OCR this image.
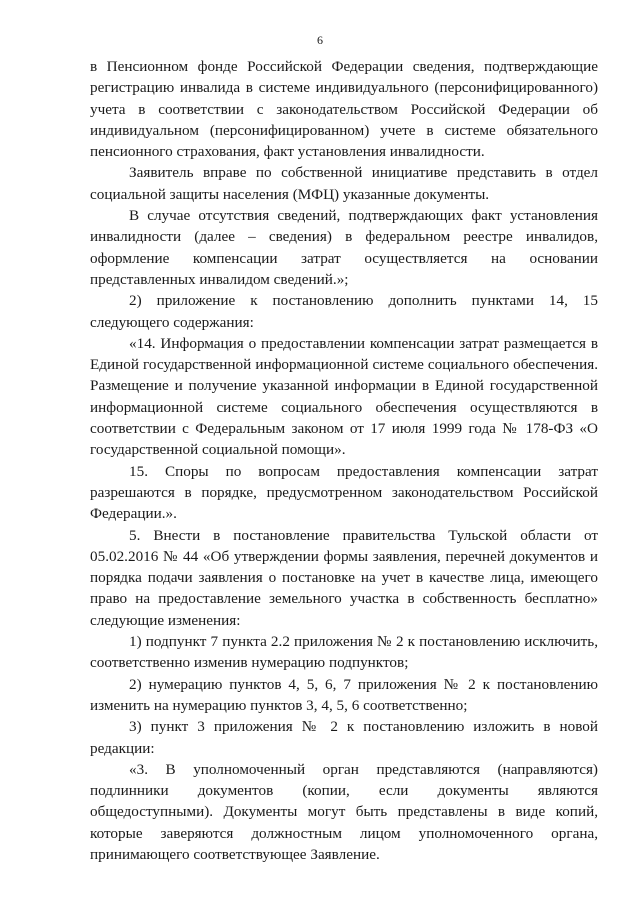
6

в Пенсионном фонде Российской Федерации сведения, подтверждающие регистрацию инвалида в системе индивидуального (персонифицированного) учета в соответствии с законодательством Российской Федерации об индивидуальном (персонифицированном) учете в системе обязательного пенсионного страхования, факт установления инвалидности.

Заявитель вправе по собственной инициативе представить в отдел социальной защиты населения (МФЦ) указанные документы.

В случае отсутствия сведений, подтверждающих факт установления инвалидности (далее – сведения) в федеральном реестре инвалидов, оформление компенсации затрат осуществляется на основании представленных инвалидом сведений.»;

2) приложение к постановлению дополнить пунктами 14, 15 следующего содержания:

«14. Информация о предоставлении компенсации затрат размещается в Единой государственной информационной системе социального обеспечения. Размещение и получение указанной информации в Единой государственной информационной системе социального обеспечения осуществляются в соответствии с Федеральным законом от 17 июля 1999 года № 178-ФЗ «О государственной социальной помощи».

15. Споры по вопросам предоставления компенсации затрат разрешаются в порядке, предусмотренном законодательством Российской Федерации.».

5. Внести в постановление правительства Тульской области от 05.02.2016 № 44 «Об утверждении формы заявления, перечней документов и порядка подачи заявления о постановке на учет в качестве лица, имеющего право на предоставление земельного участка в собственность бесплатно» следующие изменения:

1) подпункт 7 пункта 2.2 приложения № 2 к постановлению исключить, соответственно изменив нумерацию подпунктов;

2) нумерацию пунктов 4, 5, 6, 7 приложения № 2 к постановлению изменить на нумерацию пунктов 3, 4, 5, 6 соответственно;

3) пункт 3 приложения № 2 к постановлению изложить в новой редакции:

«3. В уполномоченный орган представляются (направляются) подлинники документов (копии, если документы являются общедоступными). Документы могут быть представлены в виде копий, которые заверяются должностным лицом уполномоченного органа, принимающего соответствующее Заявление.
